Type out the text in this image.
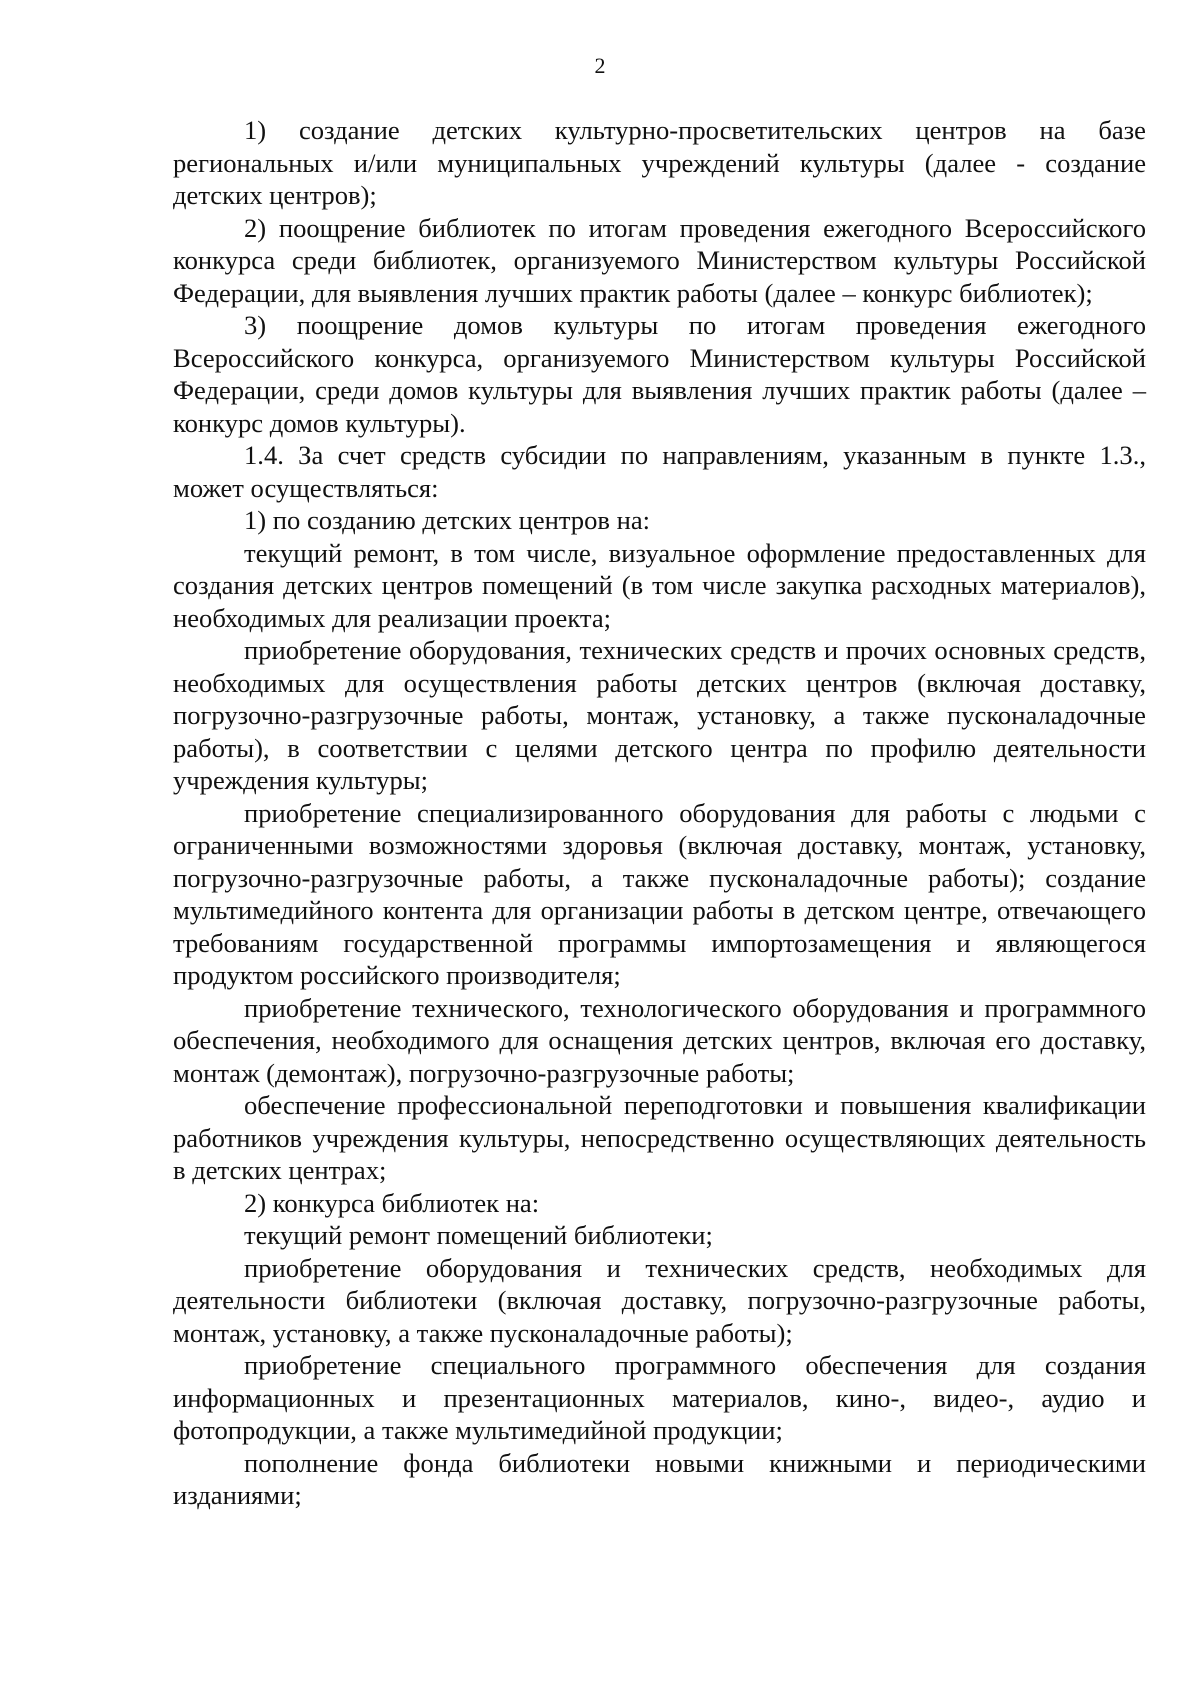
2

1) создание детских культурно-просветительских центров на базе региональных и/или муниципальных учреждений культуры (далее - создание детских центров);

2) поощрение библиотек по итогам проведения ежегодного Всероссийского конкурса среди библиотек, организуемого Министерством культуры Российской Федерации, для выявления лучших практик работы (далее – конкурс библиотек);

3) поощрение домов культуры по итогам проведения ежегодного Всероссийского конкурса, организуемого Министерством культуры Российской Федерации, среди домов культуры для выявления лучших практик работы (далее – конкурс домов культуры).

1.4. За счет средств субсидии по направлениям, указанным в пункте 1.3., может осуществляться:

1) по созданию детских центров на:

текущий ремонт, в том числе, визуальное оформление предоставленных для создания детских центров помещений (в том числе закупка расходных материалов), необходимых для реализации проекта;

приобретение оборудования, технических средств и прочих основных средств, необходимых для осуществления работы детских центров (включая доставку, погрузочно-разгрузочные работы, монтаж, установку, а также пусконаладочные работы), в соответствии с целями детского центра по профилю деятельности учреждения культуры;

приобретение специализированного оборудования для работы с людьми с ограниченными возможностями здоровья (включая доставку, монтаж, установку, погрузочно-разгрузочные работы, а также пусконаладочные работы); создание мультимедийного контента для организации работы в детском центре, отвечающего требованиям государственной программы импортозамещения и являющегося продуктом российского производителя;

приобретение технического, технологического оборудования и программного обеспечения, необходимого для оснащения детских центров, включая его доставку, монтаж (демонтаж), погрузочно-разгрузочные работы;

обеспечение профессиональной переподготовки и повышения квалификации работников учреждения культуры, непосредственно осуществляющих деятельность в детских центрах;

2) конкурса библиотек на:

текущий ремонт помещений библиотеки;

приобретение оборудования и технических средств, необходимых для деятельности библиотеки (включая доставку, погрузочно-разгрузочные работы, монтаж, установку, а также пусконаладочные работы);

приобретение специального программного обеспечения для создания информационных и презентационных материалов, кино-, видео-, аудио и фотопродукции, а также мультимедийной продукции;

пополнение фонда библиотеки новыми книжными и периодическими изданиями;
